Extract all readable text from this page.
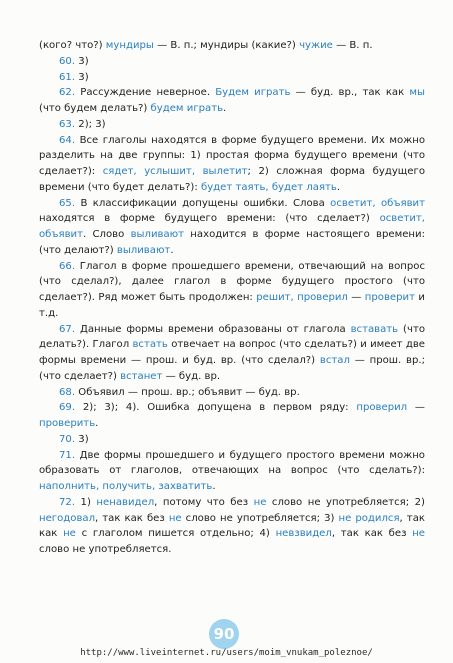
(кого? что?) мундиры — В. п.; мундиры (какие?) чужие — В. п.

60. 3)

61. 3)

62. Рассуждение неверное. Будем играть — буд. вр., так как мы (что будем делать?) будем играть.

63. 2); 3)

64. Все глаголы находятся в форме будущего времени. Их можно разделить на две группы: 1) простая форма будущего времени (что сделает?): сядет, услышит, вылетит; 2) сложная форма будущего времени (что будет делать?): будет таять, будет лаять.

65. В классификации допущены ошибки. Слова осветит, объявит находятся в форме будущего времени: (что сделает?) осветит, объявит. Слово выливают находится в форме настоящего времени: (что делают?) выливают.

66. Глагол в форме прошедшего времени, отвечающий на вопрос (что сделал?), далее глагол в форме будущего простого (что сделает?). Ряд может быть продолжен: решит, проверил — проверит и т.д.

67. Данные формы времени образованы от глагола вставать (что делать?). Глагол встать отвечает на вопрос (что сделать?) и имеет две формы времени — прош. и буд. вр. (что сделал?) встал — прош. вр.; (что сделает?) встанет — буд. вр.

68. Объявил — прош. вр.; объявит — буд. вр.

69. 2); 3); 4). Ошибка допущена в первом ряду: проверил — проверить.

70. 3)

71. Две формы прошедшего и будущего простого времени можно образовать от глаголов, отвечающих на вопрос (что сделать?): наполнить, получить, захватить.

72. 1) ненавидел, потому что без не слово не употребляется; 2) негодовал, так как без не слово не употребляется; 3) не родился, так как не с глаголом пишется отдельно; 4) невзвидел, так как без не слово не употребляется.

90
http://www.liveinternet.ru/users/moim_vnukam_poleznoe/
